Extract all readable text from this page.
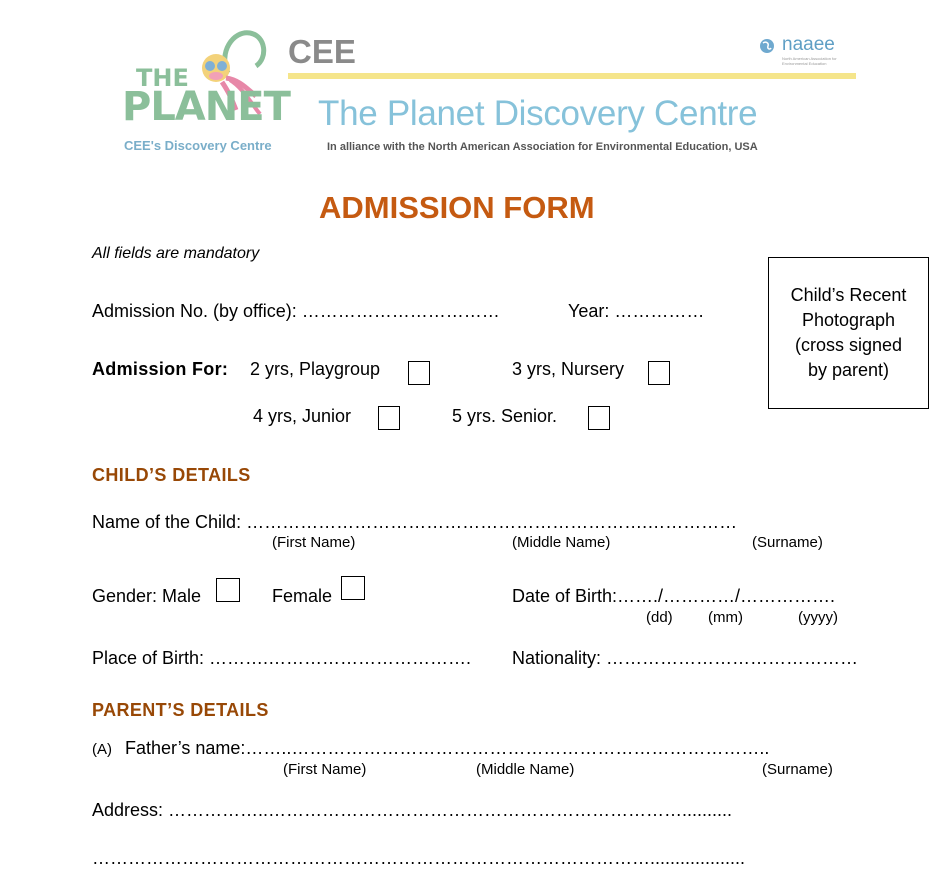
THE
PLANET
CEE's Discovery Centre
CEE	naaee
North American Association for Environmental Education
The Planet Discovery Centre
In alliance with the North American Association for Environmental Education, USA
ADMISSION FORM
All fields are mandatory
Child’s Recent
Photograph
(cross signed
by parent)
Admission No. (by office): ……………………………	Year: ……………
Admission For: 2 yrs, Playgroup	3 yrs, Nursery
4 yrs, Junior	5 yrs. Senior.
CHILD’S DETAILS
Name of the Child: ………………………………………………………….……………
(First Name)	(Middle Name)	(Surname)
Gender: Male	Female	Date of Birth:……./…………/…………….
(dd) (mm)	(yyyy)
Place of Birth: ……….……………………………. Nationality: ……………………………………
PARENT’S DETAILS
(A) Father’s name:……..……………………………………………………………………..
(First Name)	(Middle Name)	(Surname)
Address: ……………..……………………………………………………………..........
…………………………………………………………………………………...................
